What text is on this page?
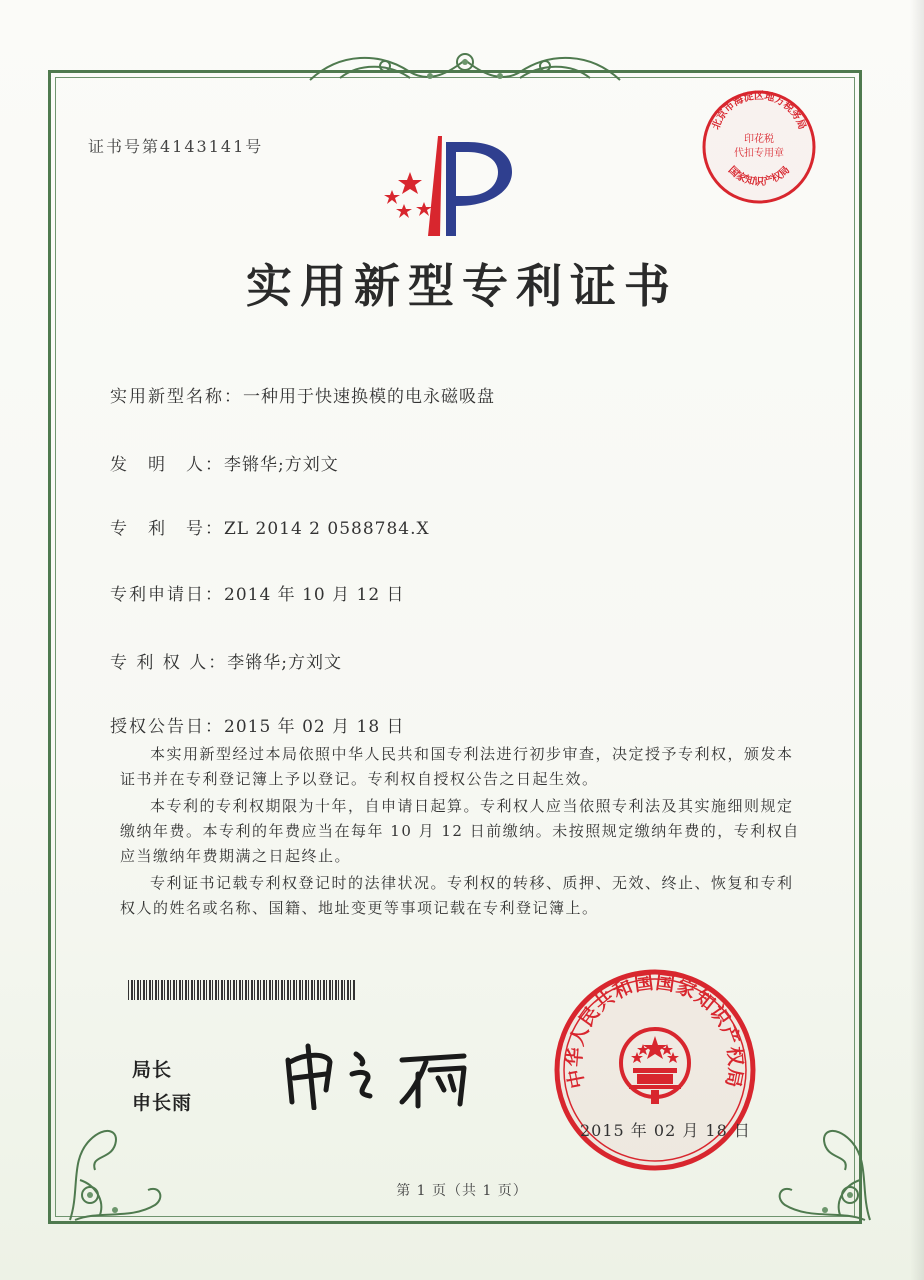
证书号第4143141号
实用新型专利证书
实用新型名称：一种用于快速换模的电永磁吸盘
发　明　人：李锵华;方刘文
专　利　号：ZL 2014 2 0588784.X
专利申请日：2014 年 10 月 12 日
专 利 权 人：李锵华;方刘文
授权公告日：2015 年 02 月 18 日

本实用新型经过本局依照中华人民共和国专利法进行初步审查，决定授予专利权，颁发本证书并在专利登记簿上予以登记。专利权自授权公告之日起生效。

本专利的专利权期限为十年，自申请日起算。专利权人应当依照专利法及其实施细则规定缴纳年费。本专利的年费应当在每年 10 月 12 日前缴纳。未按照规定缴纳年费的，专利权自应当缴纳年费期满之日起终止。

专利证书记载专利权登记时的法律状况。专利权的转移、质押、无效、终止、恢复和专利权人的姓名或名称、国籍、地址变更等事项记载在专利登记簿上。

局长
申长雨
中华人民共和国国家知识产权局
2015 年 02 月 18 日
北京市海淀区地方税务局
国家知识产权局
印花税
代扣专用章
第 1 页（共 1 页）
